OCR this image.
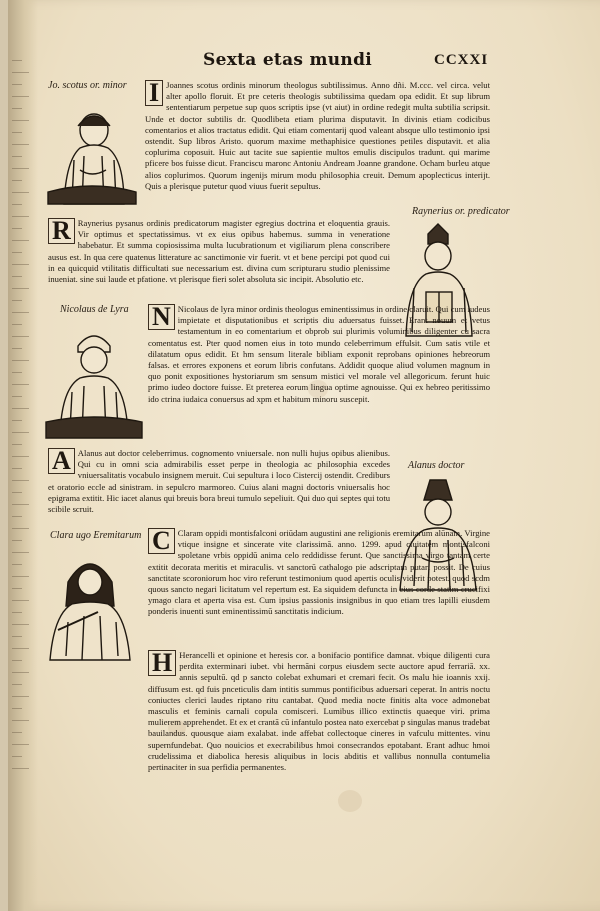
Sexta etas mundi	CCXXI
Jo. scotus or. minor I Joannes scotus ordinis minorum theologus subtilissimus. Anno dñi. M.ccc. vel circa. velut alter apollo floruit. Et pre ceteris theologis subtilissima quedam opa edidit. Et sup librum sententiarum perpetue sup quos scriptis ipse (vt aiut) in ordine redegit multa subtilia scripsit. Unde et doctor subtilis dr. Quodlibeta etiam plurima disputavit. In divinis etiam codicibus comentarios et alios tractatus edidit. Qui etiam comentarij quod valeant absque ullo testimonio ipsi ostendit. Sup libros Aristo. quorum maxime methaphisice questiones petiles disputavit. et alia coplurima coposuit. Huic aut tacite sue sapientie multos emulis discipulos tradunt. qui marime pficere bos fuisse dicut. Franciscu maronc Antoniu Andream Joanne grandone. Ocham burleu atque alios coplurimos. Quorum ingenijs mirum modu philosophia creuit. Demum apoplecticus interijt. Quis a plerisque putetur quod viuus fuerit sepultus.
Raynerius or. predicator
R Raynerius pysanus ordinis predicatorum magister egregius doctrina et eloquentia grauis. Vir optimus et spectatissimus. vt ex eius opibus habemus. summa in veneratione habebatur. Et summa copiosissima multa lucubrationum et vigiliarum plena conscribere ausus est. In qua cere quatenus litterature ac sanctimonie vir fuerit. vt et bene percipi pot quod cui in ea quicquid vtilitatis difficultati sue necessarium est. divina cum scripturaru studio plenissime inueniat. sine sui laude et pfatione. vt plerisque fieri solet absoluta sic incipit. Absolutio etc.
Nicolaus de Lyra N Nicolaus de lyra minor ordinis theologus eminentissimus in ordine claruit. Qui cum iudeus impietate et disputationibus et scriptis diu aduersatus fuisset. Erant nouum et vetus testamentum in eo comentarium et obprob sui plurimis voluminibus diligenter cu sacra comentatus est. Pter quod nomen eius in toto mundo celeberrimum effulsit. Cum satis vtile et dilatatum opus edidit. Et hm sensum literale bibliam exponit reprobans opiniones hebreorum falsas. et errores exponens et eorum libris confutans. Addidit quoque aliud volumen magnum in quo ponit expositiones hystoriarum sm sensum mistici vel morale vel allegoricum. ferunt huic primo iudeo doctore fuisse. Et preterea eorum lingua optime agnouisse. Qui ex hebreo peritissimo ido ctrina iudaica conuersus ad xpm et habitum minoru suscepit.
Alanus doctor
A Alanus aut doctor celeberrimus. cognomento vniuersale. non nulli hujus opibus alienibus. Qui cu in omni scia admirabilis esset perpe in theologia ac philosophia excedes vniuersalitatis vocabulo insignem meruit. Cui sepultura i loco Cistercij ostendit. Crediburs et oratorio eccle ad sinistram. in sepulcro marmoreo. Cuius alani magni doctoris vniuersalis hoc epigrama extitit. Hic iacet alanus qui breuis bora breui tumulo sepeliuit. Qui duo qui septes qui totu scibile scruit.
Clara ugo Eremitarum C Claram oppidi montisfalconi oriūdam augustini ane religionis eremitarum alūnam. Virgine vtique insigne et sincerate vite clarissimā. anno. 1299. apud ciuitatem montisfalconi spoletane vrbis oppidū anima celo reddidisse ferunt. Que sanctissima virgo tantam certe extitit decorata meritis et miraculis. vt sanctorū cathalogo pie adscriptam putari possit. De cuius sanctitate scoroniorum hoc viro referunt testimonium quod apertis oculis viderit potest. quod scdm quous sancto negari licitatum vel repertum est. Ea siquidem defuncta in eius corde statim crucifixi ymago clara et aperta visa est. Cum ipsius passionis insignibus in quo etiam tres lapilli eiusdem ponderis inuenti sunt eminentissimū sanctitatis indicium.
H Herancelli et opinione et heresis cor. a bonifacio pontifice damnat. vbique diligenti cura perdita exterminari iubet. vbi hermāni corpus eiusdem secte auctore apud ferrariā. xx. annis sepultū. qd p sancto colebat exhumari et cremari fecit. Os malu hie ioannis xxij. diffusum est. qd fuis pnceticulis dam intitis summus pontificibus aduersari ceperat. In antris noctu coniuctes clerici laudes riptano ritu cantabat. Quod media nocte finitis alta voce admonebat masculis et feminis carnali copula comisceri. Lumibus illico extinctis quaeque viri. prima mulierem apprehendet. Et ex et crantā cū infantulo postea nato exercebat p singulas manus tradebat bauilandus. quousque aiam exalabat. inde affebat collectoque cineres in vafculu mittentes. vinu supernfundebat. Quo nouicios et execrabilibus hmoi consecrandos epotabant. Erant adhuc hmoi crudelissima et diabolica heresis aliquibus in locis abditis et vallibus nonnulla contumelia pertinaciter in sua perfidia permanentes.
